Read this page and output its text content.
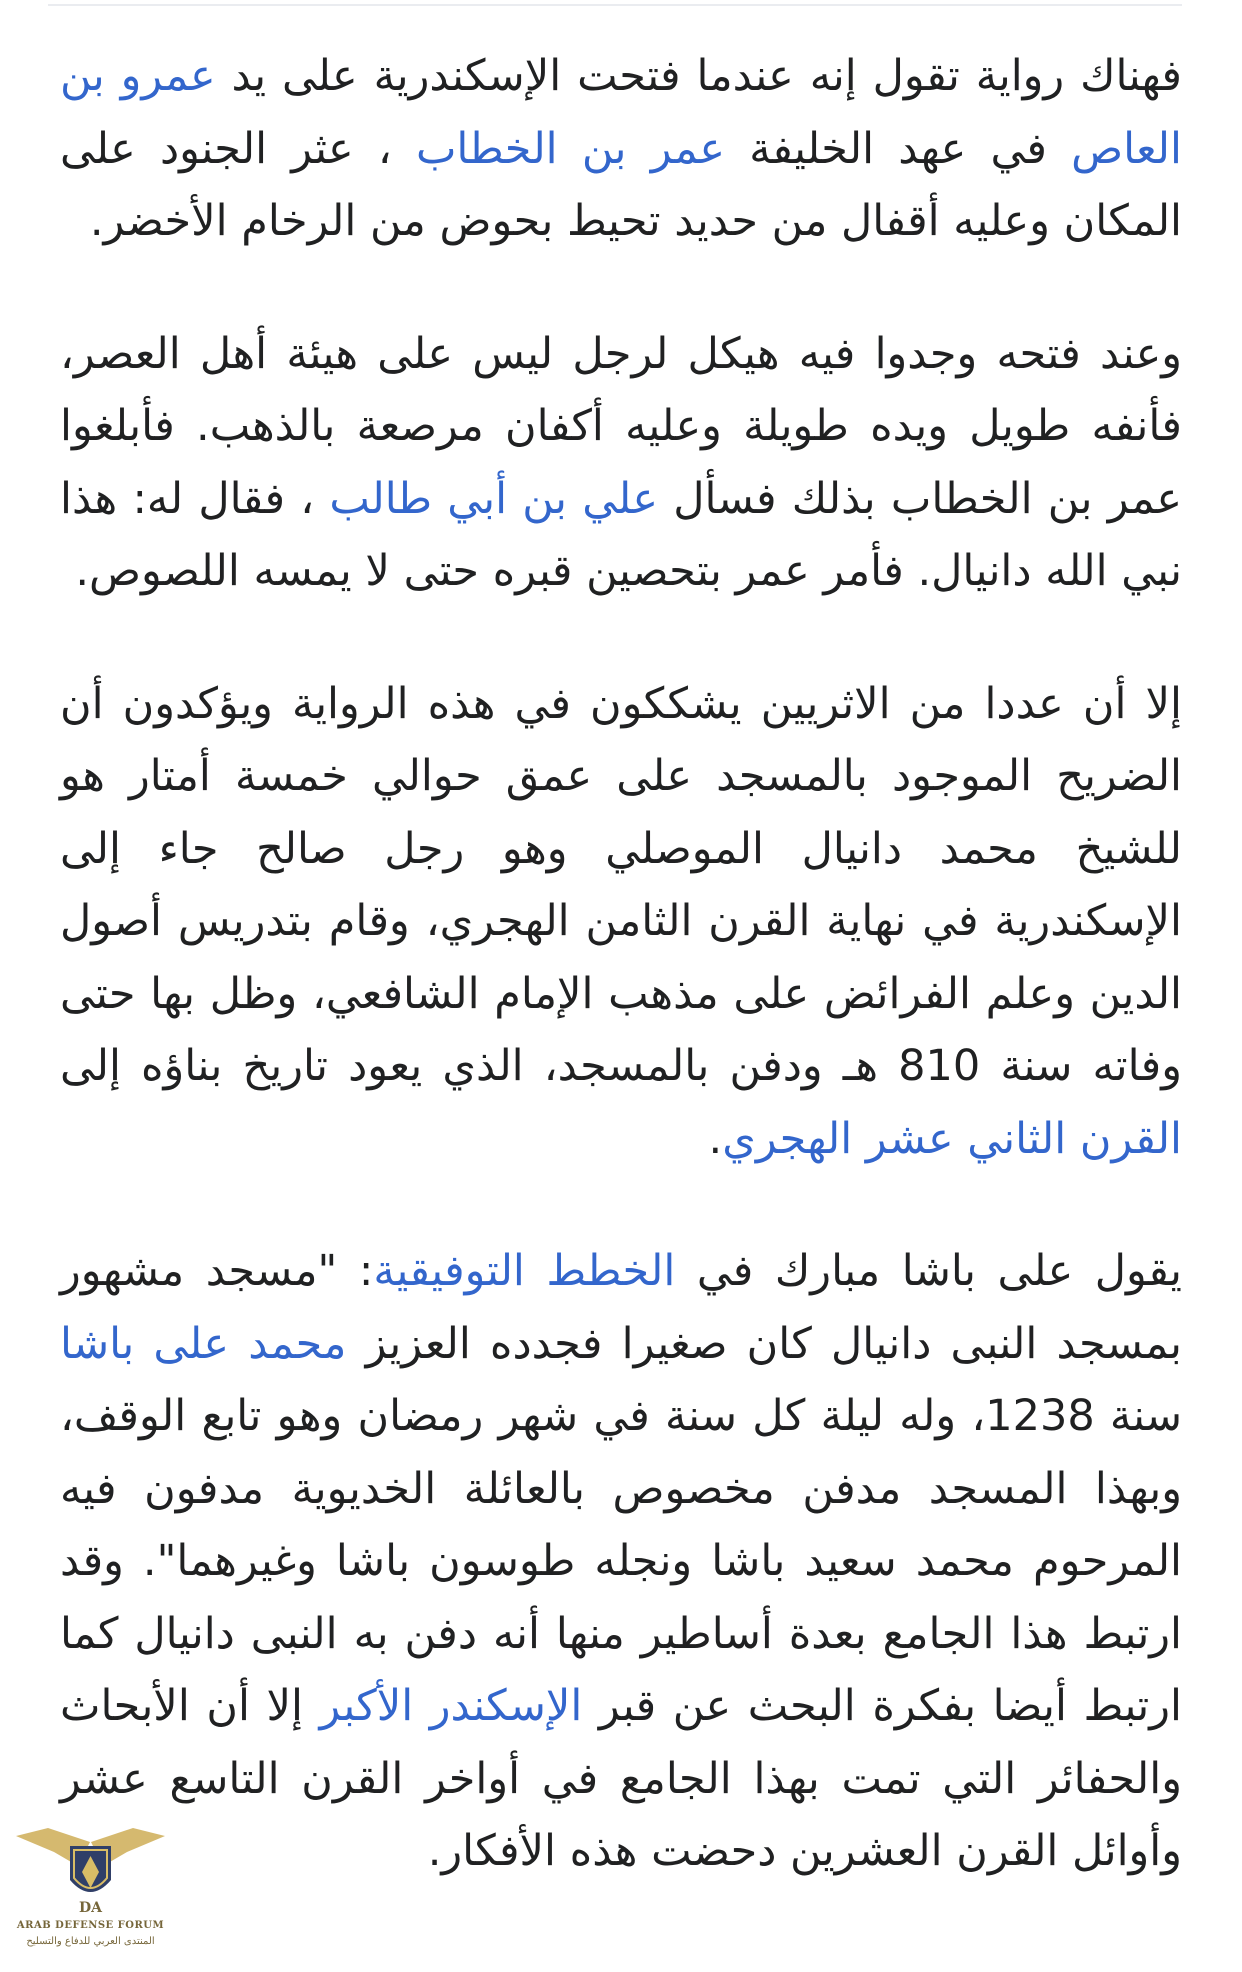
فهناك رواية تقول إنه عندما فتحت الإسكندرية على يد عمرو بن العاص في عهد الخليفة عمر بن الخطاب ، عثر الجنود على المكان وعليه أقفال من حديد تحيط بحوض من الرخام الأخضر.

وعند فتحه وجدوا فيه هيكل لرجل ليس على هيئة أهل العصر، فأنفه طويل ويده طويلة وعليه أكفان مرصعة بالذهب. فأبلغوا عمر بن الخطاب بذلك فسأل علي بن أبي طالب ، فقال له: هذا نبي الله دانيال. فأمر عمر بتحصين قبره حتى لا يمسه اللصوص.

إلا أن عددا من الاثريين يشككون في هذه الرواية ويؤكدون أن الضريح الموجود بالمسجد على عمق حوالي خمسة أمتار هو للشيخ محمد دانيال الموصلي وهو رجل صالح جاء إلى الإسكندرية في نهاية القرن الثامن الهجري، وقام بتدريس أصول الدين وعلم الفرائض على مذهب الإمام الشافعي، وظل بها حتى وفاته سنة 810 هـ ودفن بالمسجد، الذي يعود تاريخ بناؤه إلى القرن الثاني عشر الهجري.

يقول على باشا مبارك في الخطط التوفيقية: "مسجد مشهور بمسجد النبى دانيال كان صغيرا فجدده العزيز محمد على باشا سنة 1238، وله ليلة كل سنة في شهر رمضان وهو تابع الوقف، وبهذا المسجد مدفن مخصوص بالعائلة الخديوية مدفون فيه المرحوم محمد سعيد باشا ونجله طوسون باشا وغيرهما". وقد ارتبط هذا الجامع بعدة أساطير منها أنه دفن به النبى دانيال كما ارتبط أيضا بفكرة البحث عن قبر الإسكندر الأكبر إلا أن الأبحاث والحفائر التي تمت بهذا الجامع في أواخر القرن التاسع عشر وأوائل القرن العشرين دحضت هذه الأفكار.

DA
ARAB DEFENSE FORUM
المنتدى العربي للدفاع والتسليح
